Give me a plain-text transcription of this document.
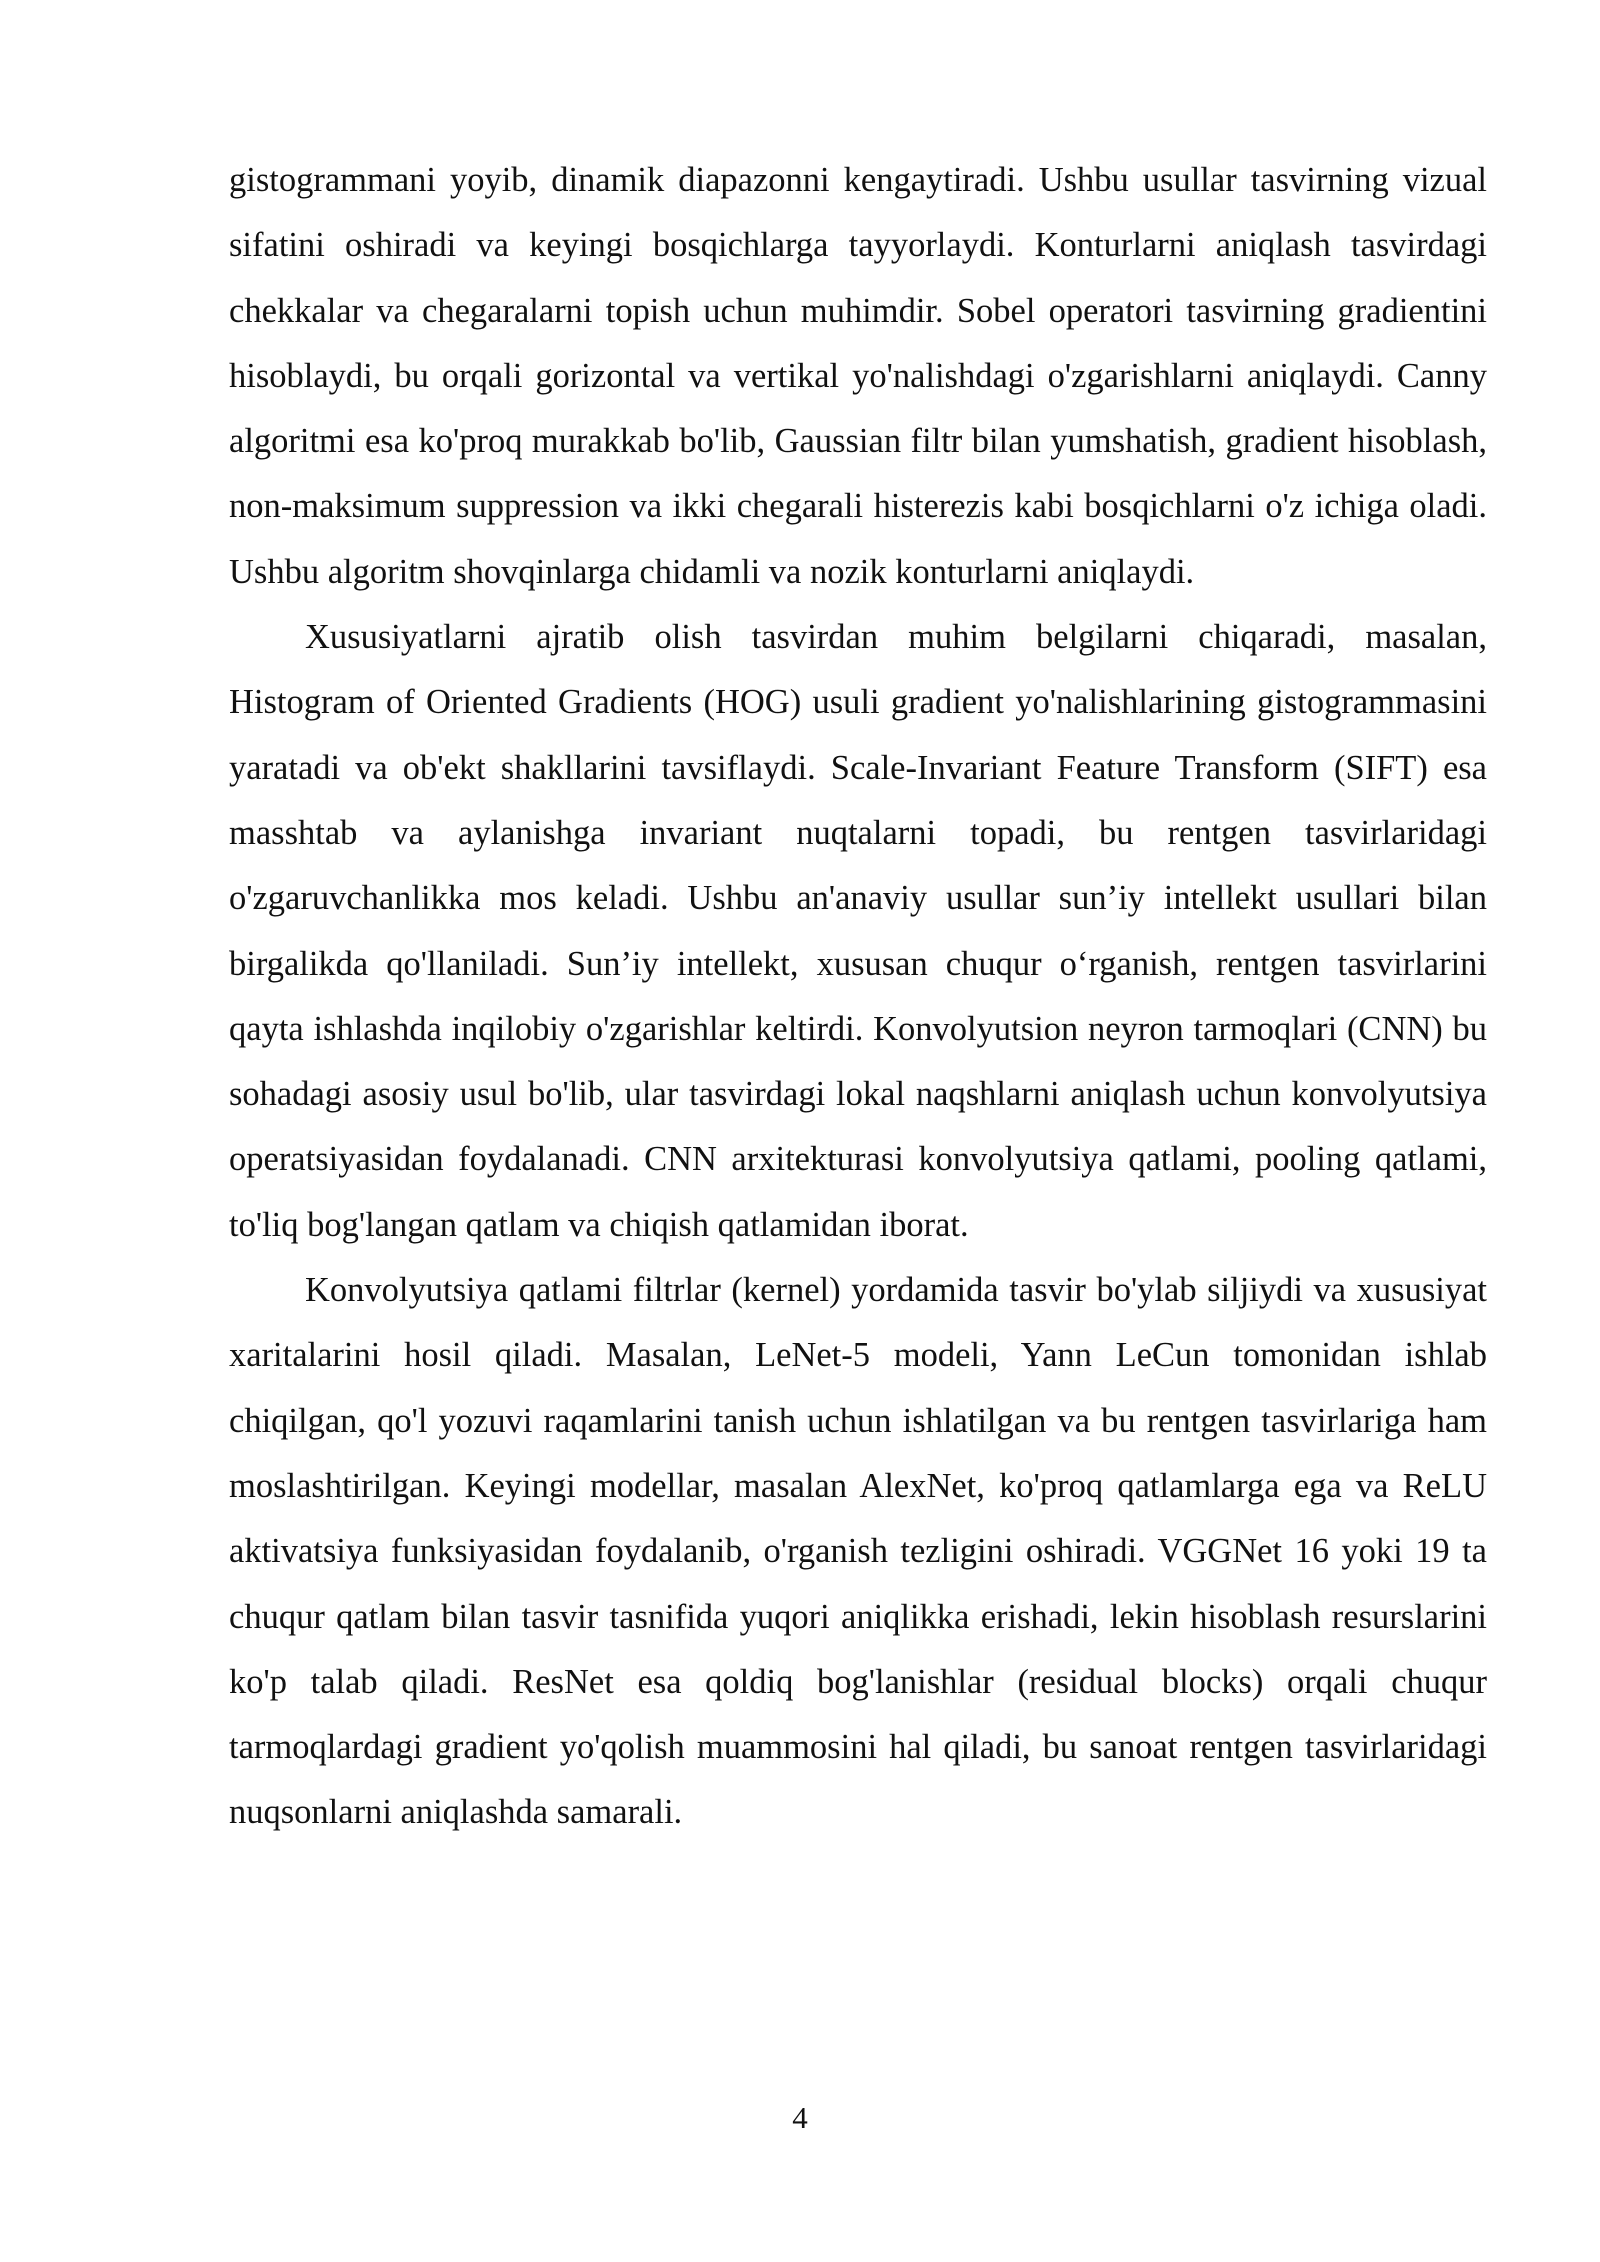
gistogrammani yoyib, dinamik diapazonni kengaytiradi. Ushbu usullar tasvirning vizual sifatini oshiradi va keyingi bosqichlarga tayyorlaydi. Konturlarni aniqlash tasvirdagi chekkalar va chegaralarni topish uchun muhimdir. Sobel operatori tasvirning gradientini hisoblaydi, bu orqali gorizontal va vertikal yo'nalishdagi o'zgarishlarni aniqlaydi. Canny algoritmi esa ko'proq murakkab bo'lib, Gaussian filtr bilan yumshatish, gradient hisoblash, non-maksimum suppression va ikki chegarali histerezis kabi bosqichlarni o'z ichiga oladi. Ushbu algoritm shovqinlarga chidamli va nozik konturlarni aniqlaydi.

Xususiyatlarni ajratib olish tasvirdan muhim belgilarni chiqaradi, masalan, Histogram of Oriented Gradients (HOG) usuli gradient yo'nalishlarining gistogrammasini yaratadi va ob'ekt shakllarini tavsiflaydi. Scale-Invariant Feature Transform (SIFT) esa masshtab va aylanishga invariant nuqtalarni topadi, bu rentgen tasvirlaridagi o'zgaruvchanlikka mos keladi. Ushbu an'anaviy usullar sun’iy intellekt usullari bilan birgalikda qo'llaniladi. Sun’iy intellekt, xususan chuqur o‘rganish, rentgen tasvirlarini qayta ishlashda inqilobiy o'zgarishlar keltirdi. Konvolyutsion neyron tarmoqlari (CNN) bu sohadagi asosiy usul bo'lib, ular tasvirdagi lokal naqshlarni aniqlash uchun konvolyutsiya operatsiyasidan foydalanadi. CNN arxitekturasi konvolyutsiya qatlami, pooling qatlami, to'liq bog'langan qatlam va chiqish qatlamidan iborat.

Konvolyutsiya qatlami filtrlar (kernel) yordamida tasvir bo'ylab siljiydi va xususiyat xaritalarini hosil qiladi. Masalan, LeNet-5 modeli, Yann LeCun tomonidan ishlab chiqilgan, qo'l yozuvi raqamlarini tanish uchun ishlatilgan va bu rentgen tasvirlariga ham moslashtirilgan. Keyingi modellar, masalan AlexNet, ko'proq qatlamlarga ega va ReLU aktivatsiya funksiyasidan foydalanib, o'rganish tezligini oshiradi. VGGNet 16 yoki 19 ta chuqur qatlam bilan tasvir tasnifida yuqori aniqlikka erishadi, lekin hisoblash resurslarini ko'p talab qiladi. ResNet esa qoldiq bog'lanishlar (residual blocks) orqali chuqur tarmoqlardagi gradient yo'qolish muammosini hal qiladi, bu sanoat rentgen tasvirlaridagi nuqsonlarni aniqlashda samarali.

4
